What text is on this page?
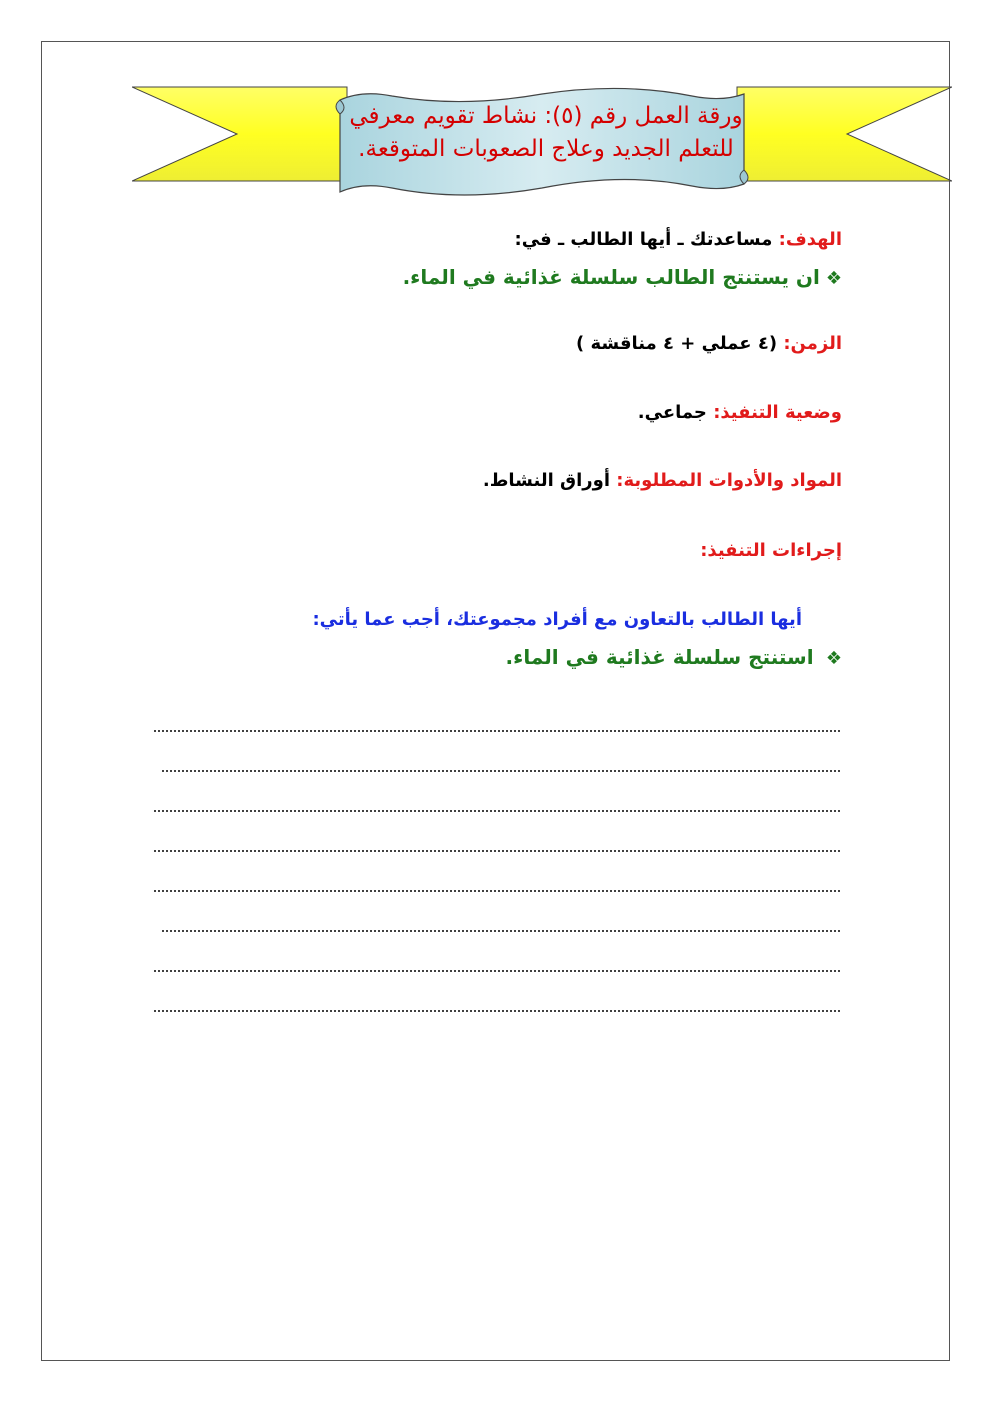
ورقة العمل رقم (٥): نشاط تقويم معرفي
للتعلم الجديد وعلاج الصعوبات المتوقعة.
الهدف: مساعدتك ـ أيها الطالب ـ في:
❖ان يستنتج الطالب سلسلة غذائية في الماء.
الزمن: (٤ عملي + ٤ مناقشة )
وضعية التنفيذ: جماعي.
المواد والأدوات المطلوبة: أوراق النشاط.
إجراءات التنفيذ:
أيها الطالب بالتعاون مع أفراد مجموعتك، أجب عما يأتي:
❖ استنتج سلسلة غذائية في الماء.
